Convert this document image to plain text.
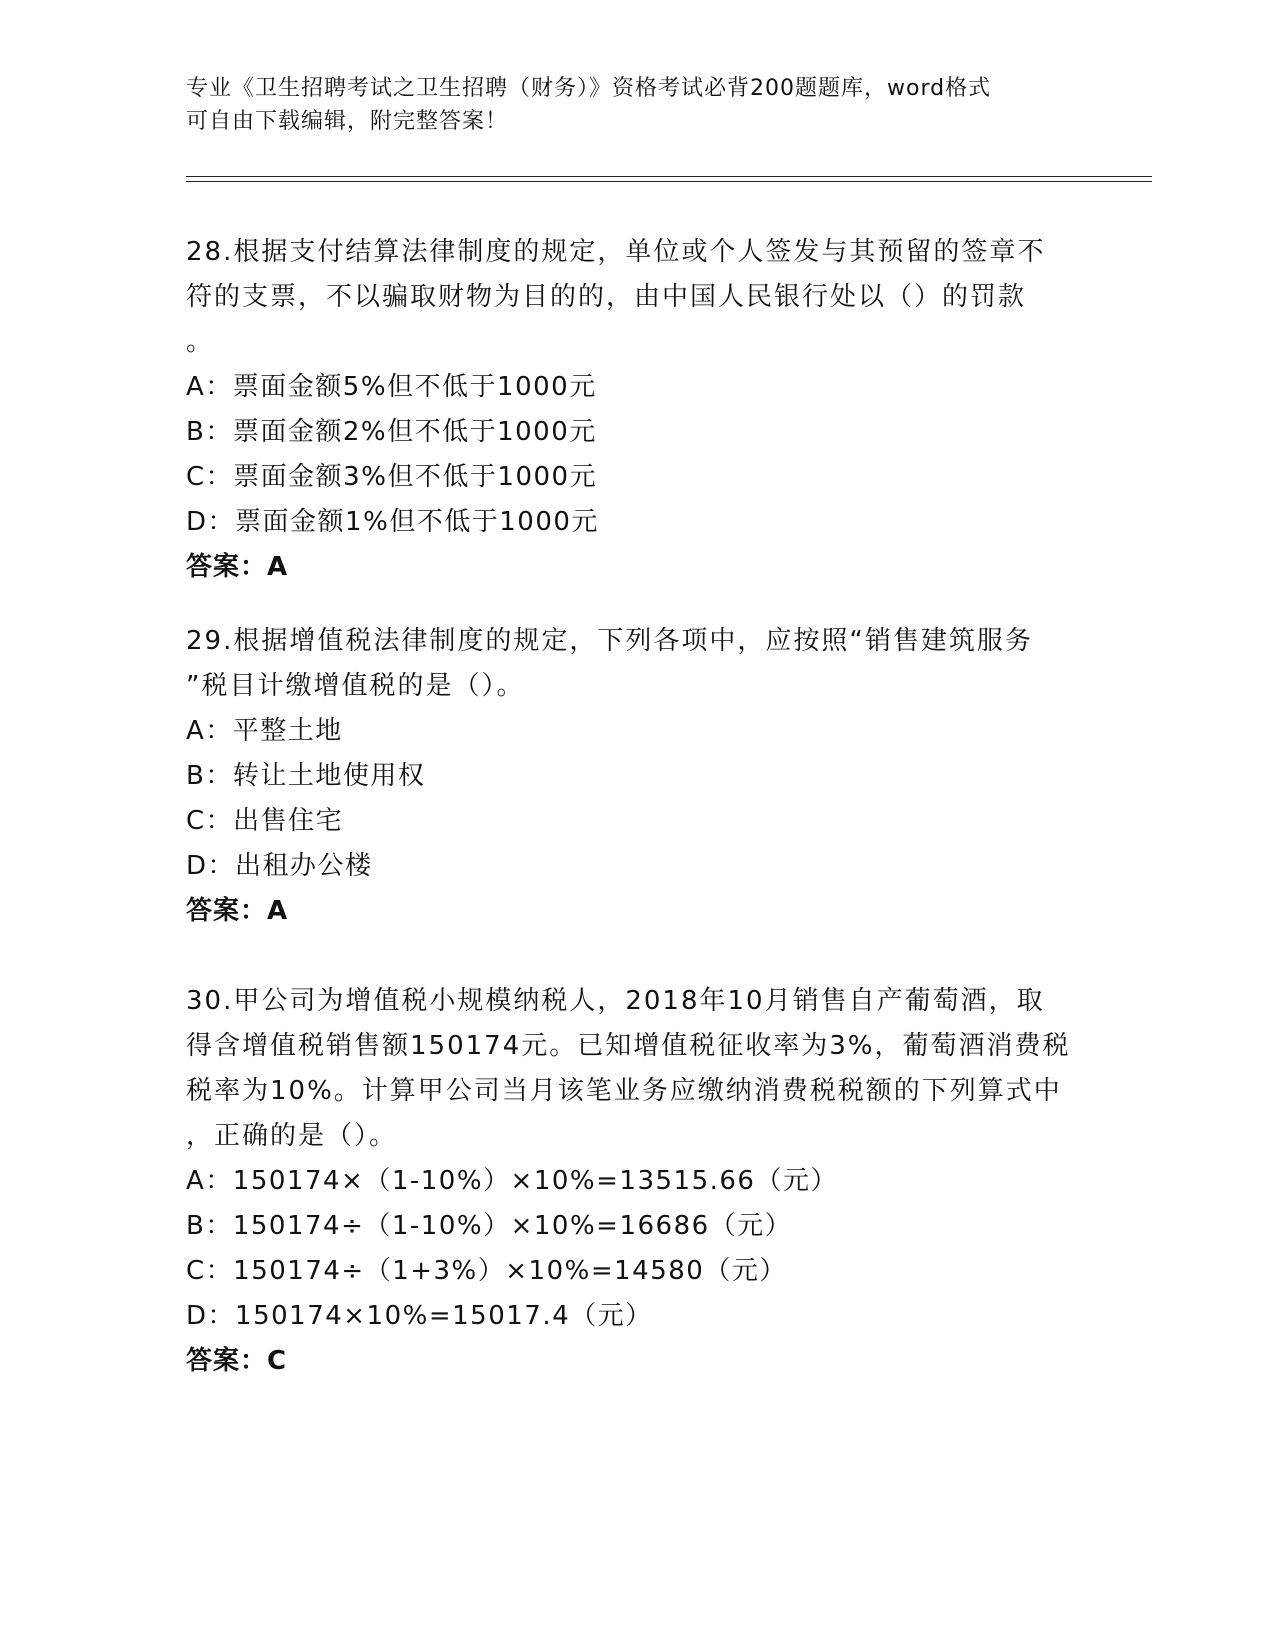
专业《卫生招聘考试之卫生招聘（财务）》资格考试必背200题题库，word格式
可自由下载编辑，附完整答案！
28.根据支付结算法律制度的规定，单位或个人签发与其预留的签章不
符的支票，不以骗取财物为目的的，由中国人民银行处以（）的罚款
。
A：票面金额5%但不低于1000元
B：票面金额2%但不低于1000元
C：票面金额3%但不低于1000元
D：票面金额1%但不低于1000元
答案：A
29.根据增值税法律制度的规定，下列各项中，应按照“销售建筑服务
”税目计缴增值税的是（）。
A：平整土地
B：转让土地使用权
C：出售住宅
D：出租办公楼
答案：A
30.甲公司为增值税小规模纳税人，2018年10月销售自产葡萄酒，取
得含增值税销售额150174元。已知增值税征收率为3%，葡萄酒消费税
税率为10%。计算甲公司当月该笔业务应缴纳消费税税额的下列算式中
，正确的是（）。
A：150174×（1-10%）×10%=13515.66（元）
B：150174÷（1-10%）×10%=16686（元）
C：150174÷（1+3%）×10%=14580（元）
D：150174×10%=15017.4（元）
答案：C
